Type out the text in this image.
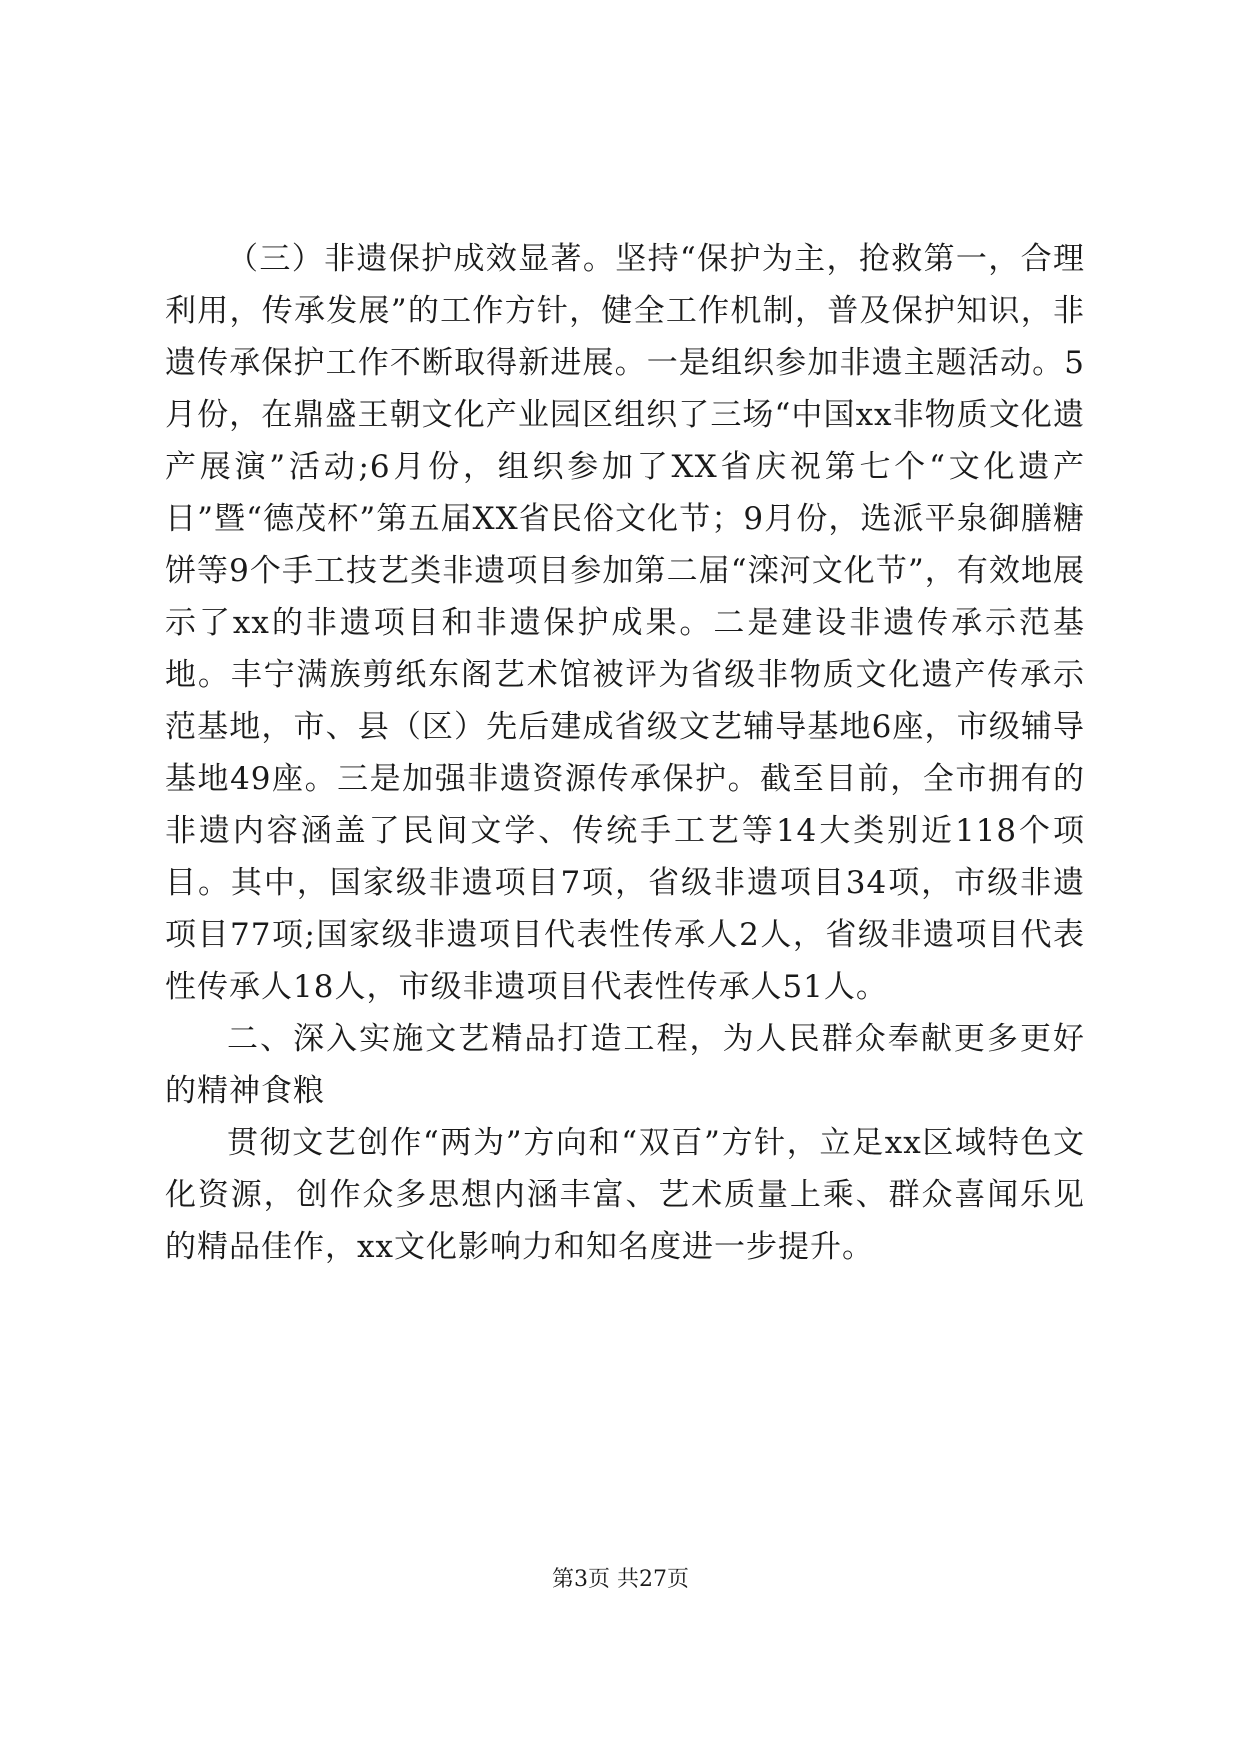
（三）非遗保护成效显著。坚持“保护为主，抢救第一，合理利用，传承发展”的工作方针，健全工作机制，普及保护知识，非遗传承保护工作不断取得新进展。一是组织参加非遗主题活动。5月份，在鼎盛王朝文化产业园区组织了三场“中国xx非物质文化遗产展演”活动;6月份，组织参加了XX省庆祝第七个“文化遗产日”暨“德茂杯”第五届XX省民俗文化节；9月份，选派平泉御膳糖饼等9个手工技艺类非遗项目参加第二届“滦河文化节”，有效地展示了xx的非遗项目和非遗保护成果。二是建设非遗传承示范基地。丰宁满族剪纸东阁艺术馆被评为省级非物质文化遗产传承示范基地，市、县（区）先后建成省级文艺辅导基地6座，市级辅导基地49座。三是加强非遗资源传承保护。截至目前，全市拥有的非遗内容涵盖了民间文学、传统手工艺等14大类别近118个项目。其中，国家级非遗项目7项，省级非遗项目34项，市级非遗项目77项;国家级非遗项目代表性传承人2人，省级非遗项目代表性传承人18人，市级非遗项目代表性传承人51人。

二、深入实施文艺精品打造工程，为人民群众奉献更多更好的精神食粮

贯彻文艺创作“两为”方向和“双百”方针，立足xx区域特色文化资源，创作众多思想内涵丰富、艺术质量上乘、群众喜闻乐见的精品佳作，xx文化影响力和知名度进一步提升。

第3页 共27页
